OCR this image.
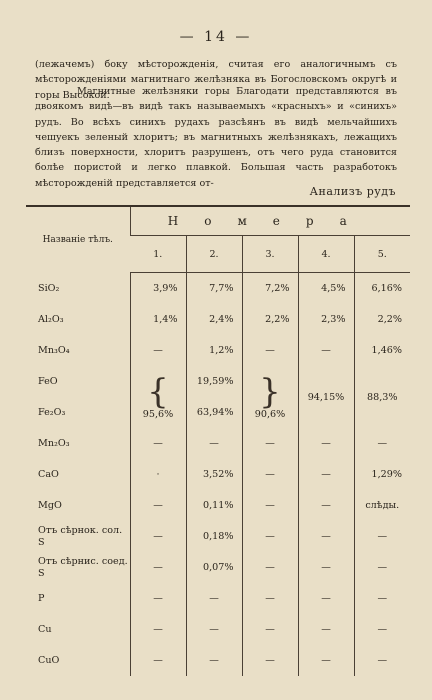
— 14 —
(лежачемъ) боку мѣсторожденія, считая его аналогичнымъ съ мѣсторожденіями магнитнаго желѣзняка въ Богословскомъ округѣ и горы Высокой.
Магнитные желѣзняки горы Благодати представляются въ двоякомъ видѣ—въ видѣ такъ называемыхъ «красныхъ» и «синихъ» рудъ. Во всѣхъ синихъ рудахъ разсѣянъ въ видѣ мельчайшихъ чешуекъ зеленый хлоритъ; въ магнитныхъ желѣзнякахъ, лежащихъ близъ поверхности, хлоритъ разрушенъ, отъ чего руда становится болѣе пористой и легко плавкой. Большая часть разработокъ мѣсторожденій представляется от-
Анализъ рудъ
Названіе тѣлъ.	Номера				
	1.	2.	3.	4.	5.
SiO₂	3,9%	7,7%	7,2%	4,5%	6,16%
Al₂O₃	1,4%	2,4%	2,2%	2,3%	2,2%
Mn₃O₄	—	1,2%	—	—	1,46%
FeO	{ 95,6%	19,59%	} 90,6%	94,15%	88,3%
Fe₂O₃		63,94%			
Mn₂O₃	—	—	—	—	—
CaO	·	3,52%	—	—	1,29%
MgO	—	0,11%	—	—	слѣды.
Отъ сѣрнок. сол. S	—	0,18%	—	—	—
Отъ сѣрнис. соед. S	—	0,07%	—	—	—
P	—	—	—	—	—
Cu	—	—	—	—	—
CuO	—	—	—	—	—
